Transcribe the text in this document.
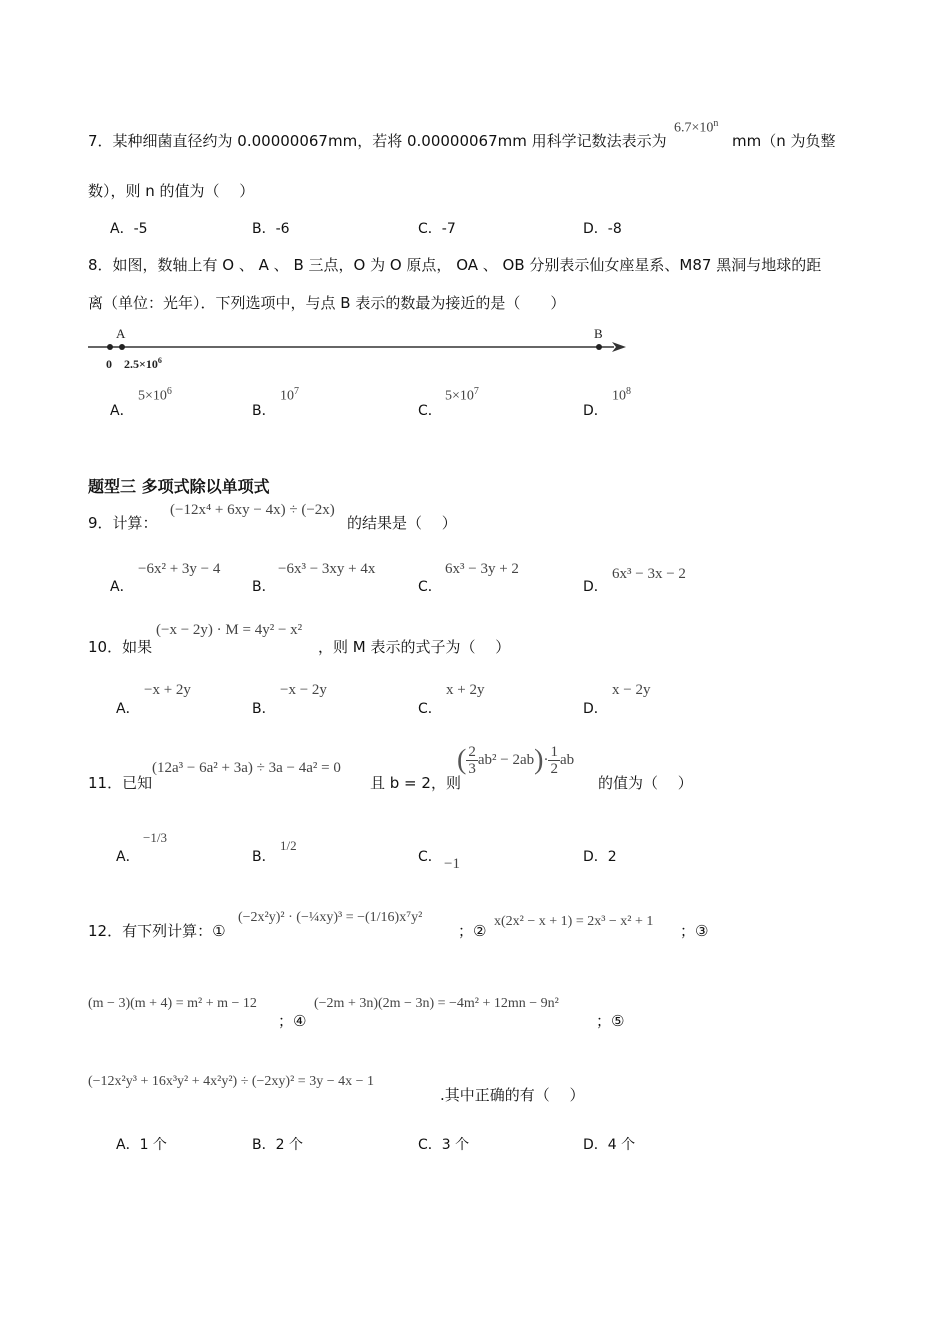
7．某种细菌直径约为 0.00000067mm，若将 0.00000067mm 用科学记数法表示为
$6.7\times 10^n$
mm（n 为负整
数），则 n 的值为（　 ）
A．-5	B．-6	C．-7	D．-8
8．如图，数轴上有 O 、 A 、 B 三点，O 为 O 原点， OA 、 OB 分别表示仙女座星系、M87 黑洞与地球的距
离（单位：光年）．下列选项中，与点 B 表示的数最为接近的是（　　）
A	B
0 $2.5\times 10^6$
A．
$5\times 10^6$
B．
$10^7$
C．
$5\times 10^7$
D．
$10^8$
题型三 多项式除以单项式
9．计算：
(−12x⁴ + 6xy − 4x) ÷ (−2x)
的结果是（　 ）
A．
−6x² + 3y − 4
B．
−6x³ − 3xy + 4x
C．
6x³ − 3y + 2
D．
6x³ − 3x − 2
10．如果
(−x − 2y) · M = 4y² − x²
，则 M 表示的式子为（　 ）
A．
−x + 2y
B．
−x − 2y
C．
x + 2y
D．
x − 2y
11．已知
(12a³ − 6a² + 3a) ÷ 3a − 4a² = 0
且 b = 2，则
( $\frac{2}{3} ab^2 - 2ab)\cdot \frac{1}{2}$ ab
的值为（　 ）
A．
−1/3
B．
1/2
C． −1	D．2
12．有下列计算：①
(−2x²y)² · (−¼xy)³ = −(1/16)x⁷y²
；②
x(2x² − x + 1) = 2x³ − x² + 1
；③
(m − 3)(m + 4) = m² + m − 12
；④
(−2m + 3n)(2m − 3n) = −4m² + 12mn − 9n²
；⑤
(−12x²y³ + 16x³y² + 4x²y²) ÷ (−2xy)² = 3y − 4x − 1
.其中正确的有（　 ）
A．1 个	B．2 个	C．3 个	D．4 个
